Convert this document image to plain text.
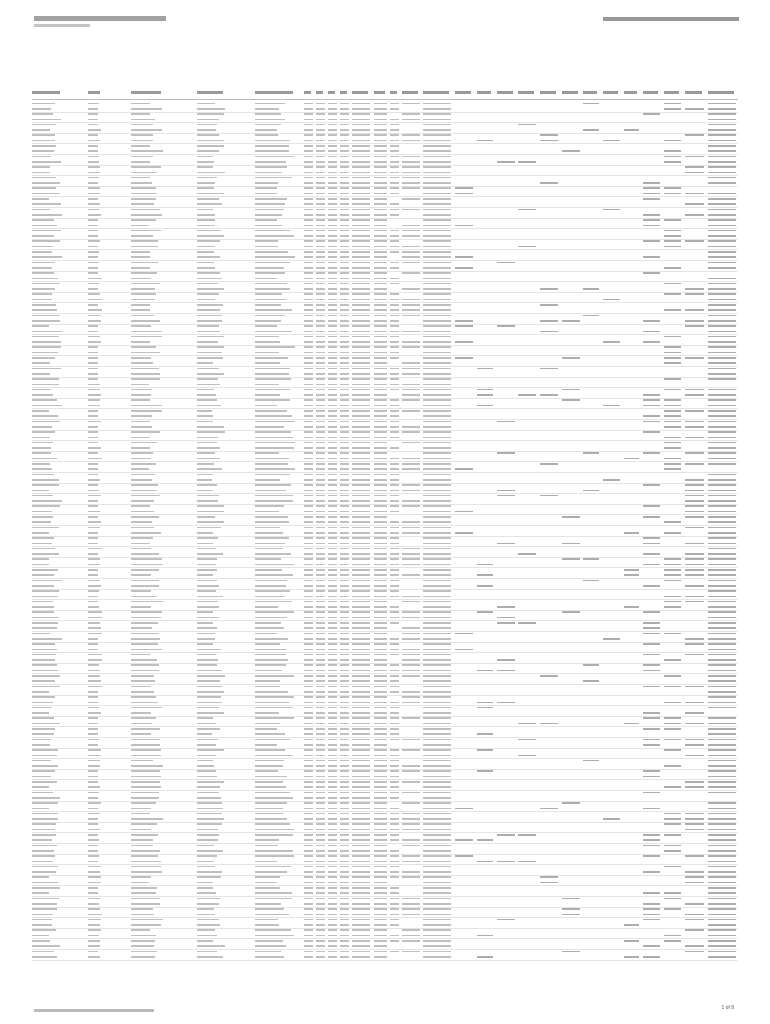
1 of 8
